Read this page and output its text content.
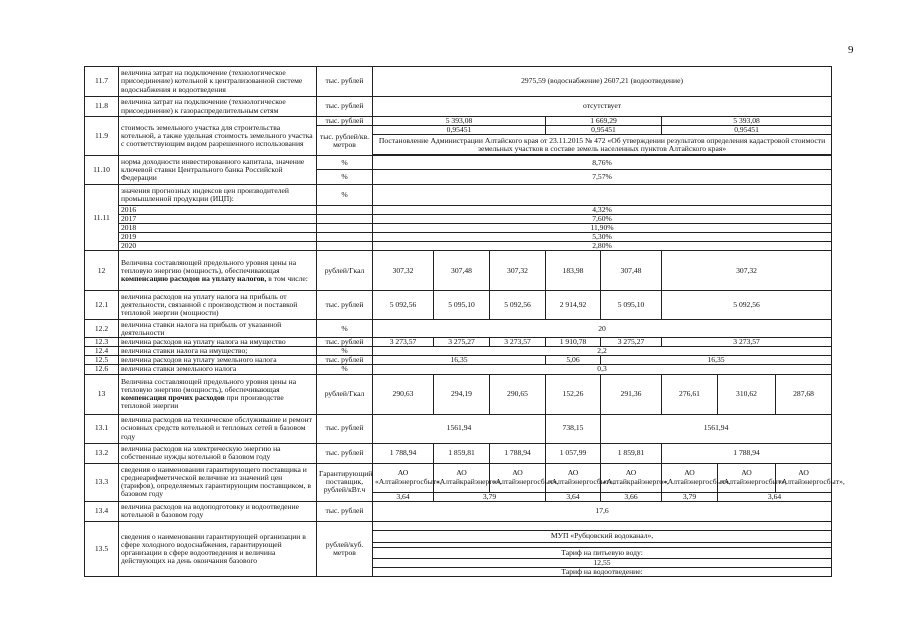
9
11.7	величина затрат на подключение (технологическое присоединение) котельной к централизованной системе водоснабжения и водоотведения	тыс. рублей	2975,59 (водоснабжение) 2607,21 (водоотведение)							
11.8	величина затрат на подключение (технологическое присоединение) к газораспределительным сетям	тыс. рублей	отсутствует							
11.9	стоимость земельного участка для строительства котельной, а также удельная стоимость земельного участка с соответствующим видом разрешенного использования	тыс. рублей	5 393,08			1 669,29		5 393,08		
		тыс. рублей/кв. метров	0,95451			0,95451		0,95451		
			Постановление Администрации Алтайского края от 23.11.2015 № 472 «Об утверждении результатов определения кадастровой стоимости земельных участков в составе земель населенных пунктов Алтайского края»							

11.10	норма доходности инвестированного капитала, значение ключевой ставки Центрального банка Российской Федерации	%	8,76%							
		%	7,57%							
11.11	значения прогнозных индексов цен производителей промышленной продукции (ИЦП):	%								
	2016		4,32%							
	2017		7,60%							
	2018		11,90%							
	2019		5,30%							
	2020		2,80%							
12	Величина составляющей предельного уровня цены на тепловую энергию (мощность), обеспечивающая компенсацию расходов на уплату налогов, в том числе:	рублей/Гкал	307,32	307,48	307,32	183,98	307,48	307,32		
12.1	величина расходов на уплату налога на прибыль от деятельности, связанной с производством и поставкой тепловой энергии (мощности)	тыс. рублей	5 092,56	5 095,10	5 092,56	2 914,92	5 095,10	5 092,56		
12.2	величина ставки налога на прибыль от указанной деятельности	%	20							
12.3	величина расходов на уплату налога на имущество	тыс. рублей	3 273,57	3 275,27	3 273,57	1 910,78	3 275,27	3 273,57		
12.4	величина ставки налога на имущество;	%	2,2							
12.5	величина расходов на уплату земельного налога	тыс. рублей	16,35			5,06	16,35			
12.6	величина ставки земельного налога	%	0,3							
13	Величина составляющей предельного уровня цены на тепловую энергию (мощность), обеспечивающая компенсация прочих расходов при производстве тепловой энергии	рублей/Гкал	290,63	294,19	290,65	152,26	291,36	276,61	310,62	287,68
13.1	величина расходов на техническое обслуживание и ремонт основных средств котельной и тепловых сетей в базовом году	тыс. рублей	1561,94			738,15	1561,94			
13.2	величина расходов на электрическую энергию на собственные нужды котельной в базовом году	тыс. рублей	1 788,94	1 859,81	1 788,94	1 057,99	1 859,81	1 788,94		
13.3	сведения о наименовании гарантирующего поставщика и среднеарифметической величине из значений цен (тарифов), определяемых гарантирующим поставщиком, в базовом году	Гарантирующий поставщик, рублей/кВт.ч	АО «Алтайэнергосбыт»,	АО «Алтайкрайэнерго»,	АО «Алтайэнергосбыт»,	АО «Алтайэнергосбыт»,	АО «Алтайкрайэнерго»,	АО «Алтайэнергосбыт»,	АО «Алтайэнергосбыт»,	АО «Алтайэнергосбыт»,
			3,64	3,79		3,64	3,66	3,79	3,64	
13.4	величина расходов на водоподготовку и водоотведение котельной в базовом году	тыс. рублей	17,6							
13.5	сведения о наименовании гарантирующей организации в сфере холодного водоснабжения, гарантирующей организации в сфере водоотведения и величина действующих на день окончания базового	рублей/куб. метров								
			МУП «Рубцовский водоканал»,							

			Тариф на питьевую воду:							
			12,55							
			Тариф на водоотведение:							
